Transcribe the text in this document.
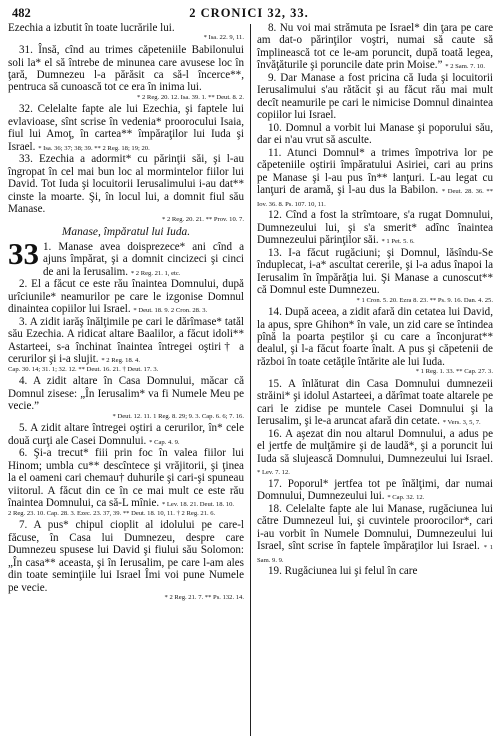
482	2 CRONICI 32, 33.

Ezechia a izbutit în toate lucrările lui.

* Isa. 22. 9, 11.

31. Însă, cînd au trimes căpeteniile Babilonului soli la* el să întrebe de minunea care avusese loc în ţară, Dumnezeu l-a părăsit ca să-l încerce**, pentruca să cunoască tot ce era în inima lui.

* 2 Reg. 20. 12. Isa. 39. 1. ** Deut. 8. 2.

32. Celelalte fapte ale lui Ezechia, şi faptele lui evlavioase, sînt scrise în vedenia* proorocului Isaia, fiul lui Amoţ, în cartea** împăraţilor lui Iuda şi Israel. * Isa. 36; 37; 38; 39. ** 2 Reg. 18; 19; 20.

33. Ezechia a adormit* cu părinţii săi, şi l-au îngropat în cel mai bun loc al mormintelor fiilor lui David. Tot Iuda şi locuitorii Ierusalimului i-au dat** cinste la moarte. Şi, în locul lui, a domnit fiul său Manase.

* 2 Reg. 20. 21. ** Prov. 10. 7.

Manase, împăratul lui Iuda.

33 1. Manase avea doisprezece* ani cînd a ajuns împărat, şi a domnit cincizeci şi cinci de ani la Ierusalim. * 2 Reg. 21. 1, etc.

2. El a făcut ce este rău înaintea Domnului, după urîciunile* neamurilor pe care le izgonise Domnul dinaintea copiilor lui Israel. * Deut. 18. 9. 2 Cron. 28. 3.

3. A zidit iarăş înălţimile pe cari le dărîmase* tatăl său Ezechia. A ridicat altare Baalilor, a făcut idoli** Astarteei, s-a închinat înaintea întregei oştiri† a cerurilor şi i-a slujit. * 2 Reg. 18. 4.

Cap. 30. 14; 31. 1; 32. 12. ** Deut. 16. 21. † Deut. 17. 3.

4. A zidit altare în Casa Domnului, măcar că Domnul zisese: „În Ierusalim* va fi Numele Meu pe vecie.”

* Deut. 12. 11. 1 Reg. 8. 29; 9. 3. Cap. 6. 6; 7. 16.

5. A zidit altare întregei oştiri a cerurilor, în* cele două curţi ale Casei Domnului. * Cap. 4. 9.

6. Şi-a trecut* fiii prin foc în valea fiilor lui Hinom; umbla cu** descîntece şi vrăjitorii, şi ţinea la el oameni cari chemau† duhurile şi cari-şi spuneau viitorul. A făcut din ce în ce mai mult ce este rău înaintea Domnului, ca să-L mînie. * Lev. 18. 21. Deut. 18. 10.

2 Reg. 23. 10. Cap. 28. 3. Ezec. 23. 37, 39. ** Deut. 18. 10, 11. † 2 Reg. 21. 6.

7. A pus* chipul cioplit al idolului pe care-l făcuse, în Casa lui Dumnezeu, despre care Dumnezeu spusese lui David şi fiului său Solomon: „În casa** aceasta, şi în Ierusalim, pe care l-am ales din toate seminţiile lui Israel Îmi voi pune Numele pe vecie.

* 2 Reg. 21. 7. ** Ps. 132. 14.

8. Nu voi mai strămuta pe Israel* din ţara pe care am dat-o părinţilor voştri, numai să caute să împlinească tot ce le-am poruncit, după toată legea, învăţăturile şi poruncile date prin Moise.” * 2 Sam. 7. 10.

9. Dar Manase a fost pricina că Iuda şi locuitorii Ierusalimului s'au rătăcit şi au făcut rău mai mult decît neamurile pe cari le nimicise Domnul dinaintea copiilor lui Israel.

10. Domnul a vorbit lui Manase şi poporului său, dar ei n'au vrut să asculte.

11. Atunci Domnul* a trimes împotriva lor pe căpeteniile oştirii împăratului Asiriei, cari au prins pe Manase şi l-au pus în** lanţuri. L-au legat cu lanţuri de aramă, şi l-au dus la Babilon. * Deut. 28. 36. ** Iov. 36. 8. Ps. 107. 10, 11.

12. Cînd a fost la strîmtoare, s'a rugat Domnului, Dumnezeului lui, şi s'a smerit* adînc înaintea Dumnezeului părinţilor săi. * 1 Pet. 5. 6.

13. I-a făcut rugăciuni; şi Domnul, lăsîndu-Se înduplecat, i-a* ascultat cererile, şi l-a adus înapoi la Ierusalim în împărăţia lui. Şi Manase a cunoscut** că Domnul este Dumnezeu.

* 1 Cron. 5. 20. Ezra 8. 23. ** Ps. 9. 16. Dan. 4. 25.

14. După aceea, a zidit afară din cetatea lui David, la apus, spre Ghihon* în vale, un zid care se întindea pînă la poarta peştilor şi cu care a înconjurat** dealul, şi l-a făcut foarte înalt. A pus şi căpetenii de război în toate cetăţile întărite ale lui Iuda.

* 1 Reg. 1. 33. ** Cap. 27. 3.

15. A înlăturat din Casa Domnului dumnezeii străini* şi idolul Astarteei, a dărîmat toate altarele pe cari le zidise pe muntele Casei Domnului şi la Ierusalim, şi le-a aruncat afară din cetate. * Vers. 3, 5, 7.

16. A aşezat din nou altarul Domnului, a adus pe el jertfe de mulţămire şi de laudă*, şi a poruncit lui Iuda să slujească Domnului, Dumnezeului lui Israel. * Lev. 7. 12.

17. Poporul* jertfea tot pe înălţimi, dar numai Domnului, Dumnezeului lui. * Cap. 32. 12.

18. Celelalte fapte ale lui Manase, rugăciunea lui către Dumnezeul lui, şi cuvintele proorocilor*, cari i-au vorbit în Numele Domnului, Dumnezeului lui Israel, sînt scrise în faptele împăraţilor lui Israel. * 1 Sam. 9. 9.

19. Rugăciunea lui şi felul în care
